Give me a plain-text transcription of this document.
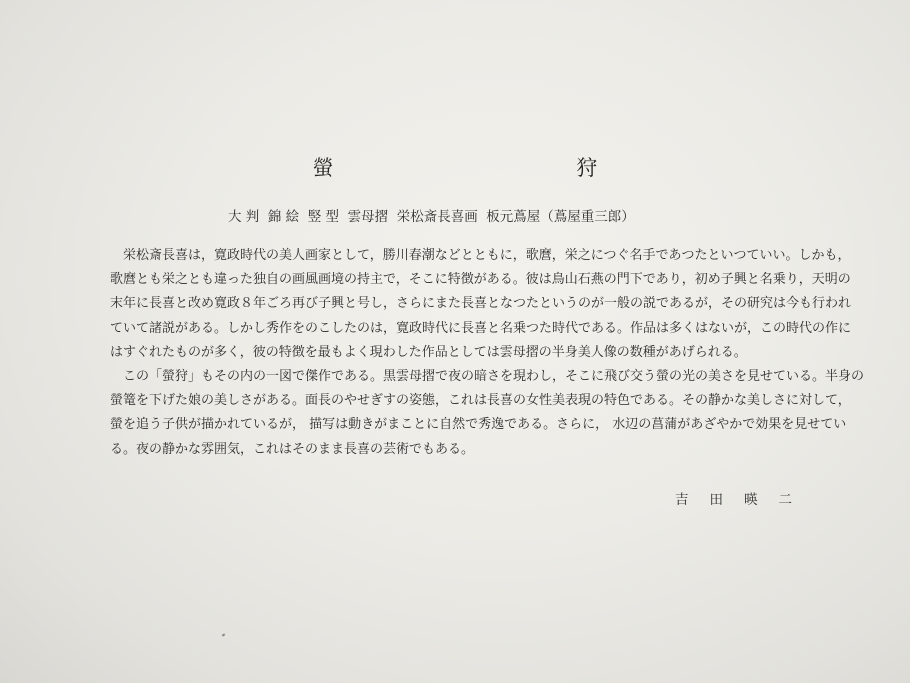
螢 狩
大 判  錦 絵  竪 型  雲母摺  栄松斎長喜画  板元蔦屋（蔦屋重三郎）
栄松斎長喜は，寛政時代の美人画家として，勝川春潮などとともに，歌麿，栄之につぐ名手であつたといつていい。しかも，
歌麿とも栄之とも違った独自の画風画境の持主で，そこに特徴がある。彼は鳥山石燕の門下であり，初め子興と名乗り，天明の
末年に長喜と改め寛政８年ごろ再び子興と号し，さらにまた長喜となつたというのが一般の説であるが，その研究は今も行われ
ていて諸説がある。しかし秀作をのこしたのは，寛政時代に長喜と名乗つた時代である。作品は多くはないが，この時代の作に
はすぐれたものが多く，彼の特徴を最もよく現わした作品としては雲母摺の半身美人像の数種があげられる。
この「螢狩」もその内の一図で傑作である。黒雲母摺で夜の暗さを現わし，そこに飛び交う螢の光の美さを見せている。半身の
螢篭を下げた娘の美しさがある。面長のやせぎすの姿態，これは長喜の女性美表現の特色である。その静かな美しさに対して，
螢を追う子供が描かれているが， 描写は動きがまことに自然で秀逸である。さらに， 水辺の菖蒲があざやかで効果を見せてい
る。夜の静かな雰囲気，これはそのまま長喜の芸術でもある。
吉田暎二
